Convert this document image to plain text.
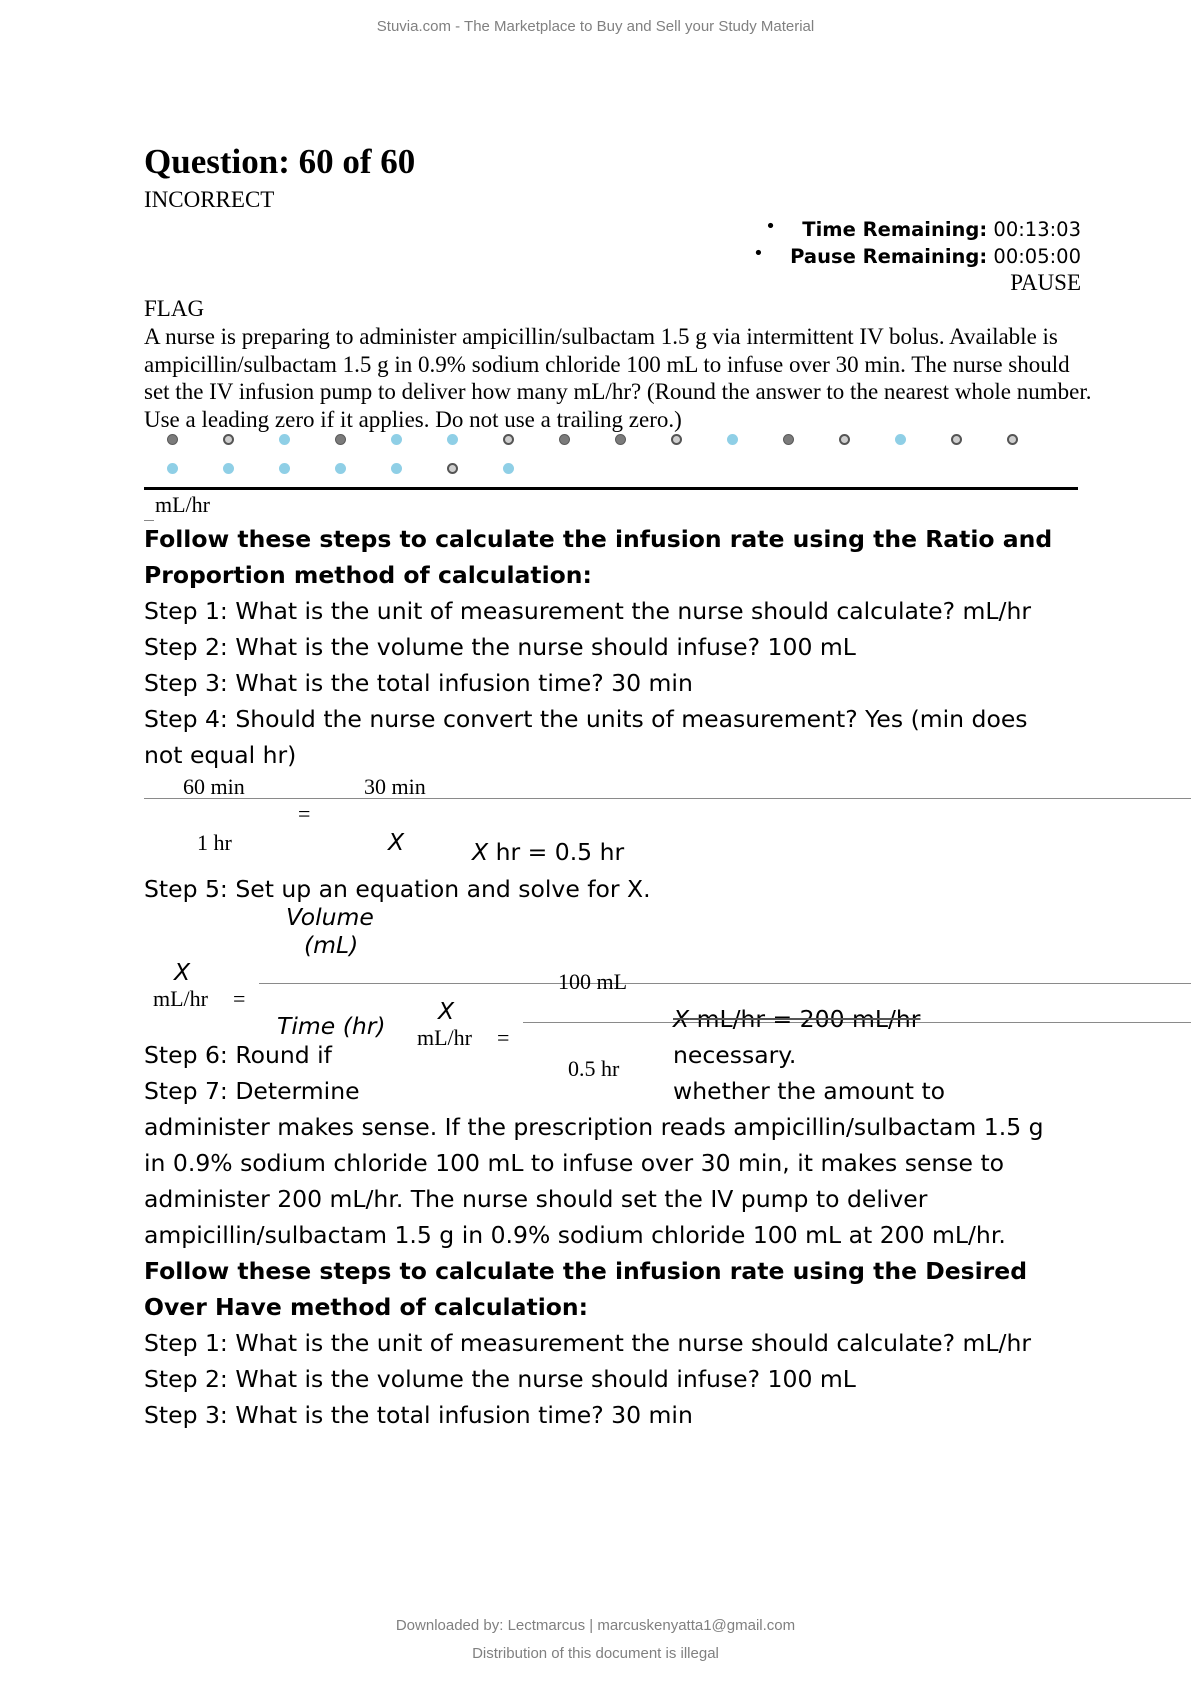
Stuvia.com - The Marketplace to Buy and Sell your Study Material
Question: 60 of 60
INCORRECT
• Time Remaining: 00:13:03
• Pause Remaining: 00:05:00
PAUSE
FLAG
A nurse is preparing to administer ampicillin/sulbactam 1.5 g via intermittent IV bolus. Available is ampicillin/sulbactam 1.5 g in 0.9% sodium chloride 100 mL to infuse over 30 min. The nurse should set the IV infusion pump to deliver how many mL/hr? (Round the answer to the nearest whole number. Use a leading zero if it applies. Do not use a trailing zero.)
mL/hr
Follow these steps to calculate the infusion rate using the Ratio and
Proportion method of calculation:
Step 1: What is the unit of measurement the nurse should calculate? mL/hr
Step 2: What is the volume the nurse should infuse? 100 mL
Step 3: What is the total infusion time? 30 min
Step 4: Should the nurse convert the units of measurement? Yes (min does
not equal hr)
60 min	30 min
=
1 hr	X	X hr = 0.5 hr
Step 5: Set up an equation and solve for X.
Volume
(mL)
X
mL/hr =
100 mL
Time (hr)
X
mL/hr =
X mL/hr = 200 mL/hr
0.5 hr
Step 6: Round if	necessary.
Step 7: Determine	whether the amount to
administer makes sense. If the prescription reads ampicillin/sulbactam 1.5 g
in 0.9% sodium chloride 100 mL to infuse over 30 min, it makes sense to
administer 200 mL/hr. The nurse should set the IV pump to deliver
ampicillin/sulbactam 1.5 g in 0.9% sodium chloride 100 mL at 200 mL/hr.
Follow these steps to calculate the infusion rate using the Desired
Over Have method of calculation:
Step 1: What is the unit of measurement the nurse should calculate? mL/hr
Step 2: What is the volume the nurse should infuse? 100 mL
Step 3: What is the total infusion time? 30 min
Downloaded by: Lectmarcus | marcuskenyatta1@gmail.com
Distribution of this document is illegal
